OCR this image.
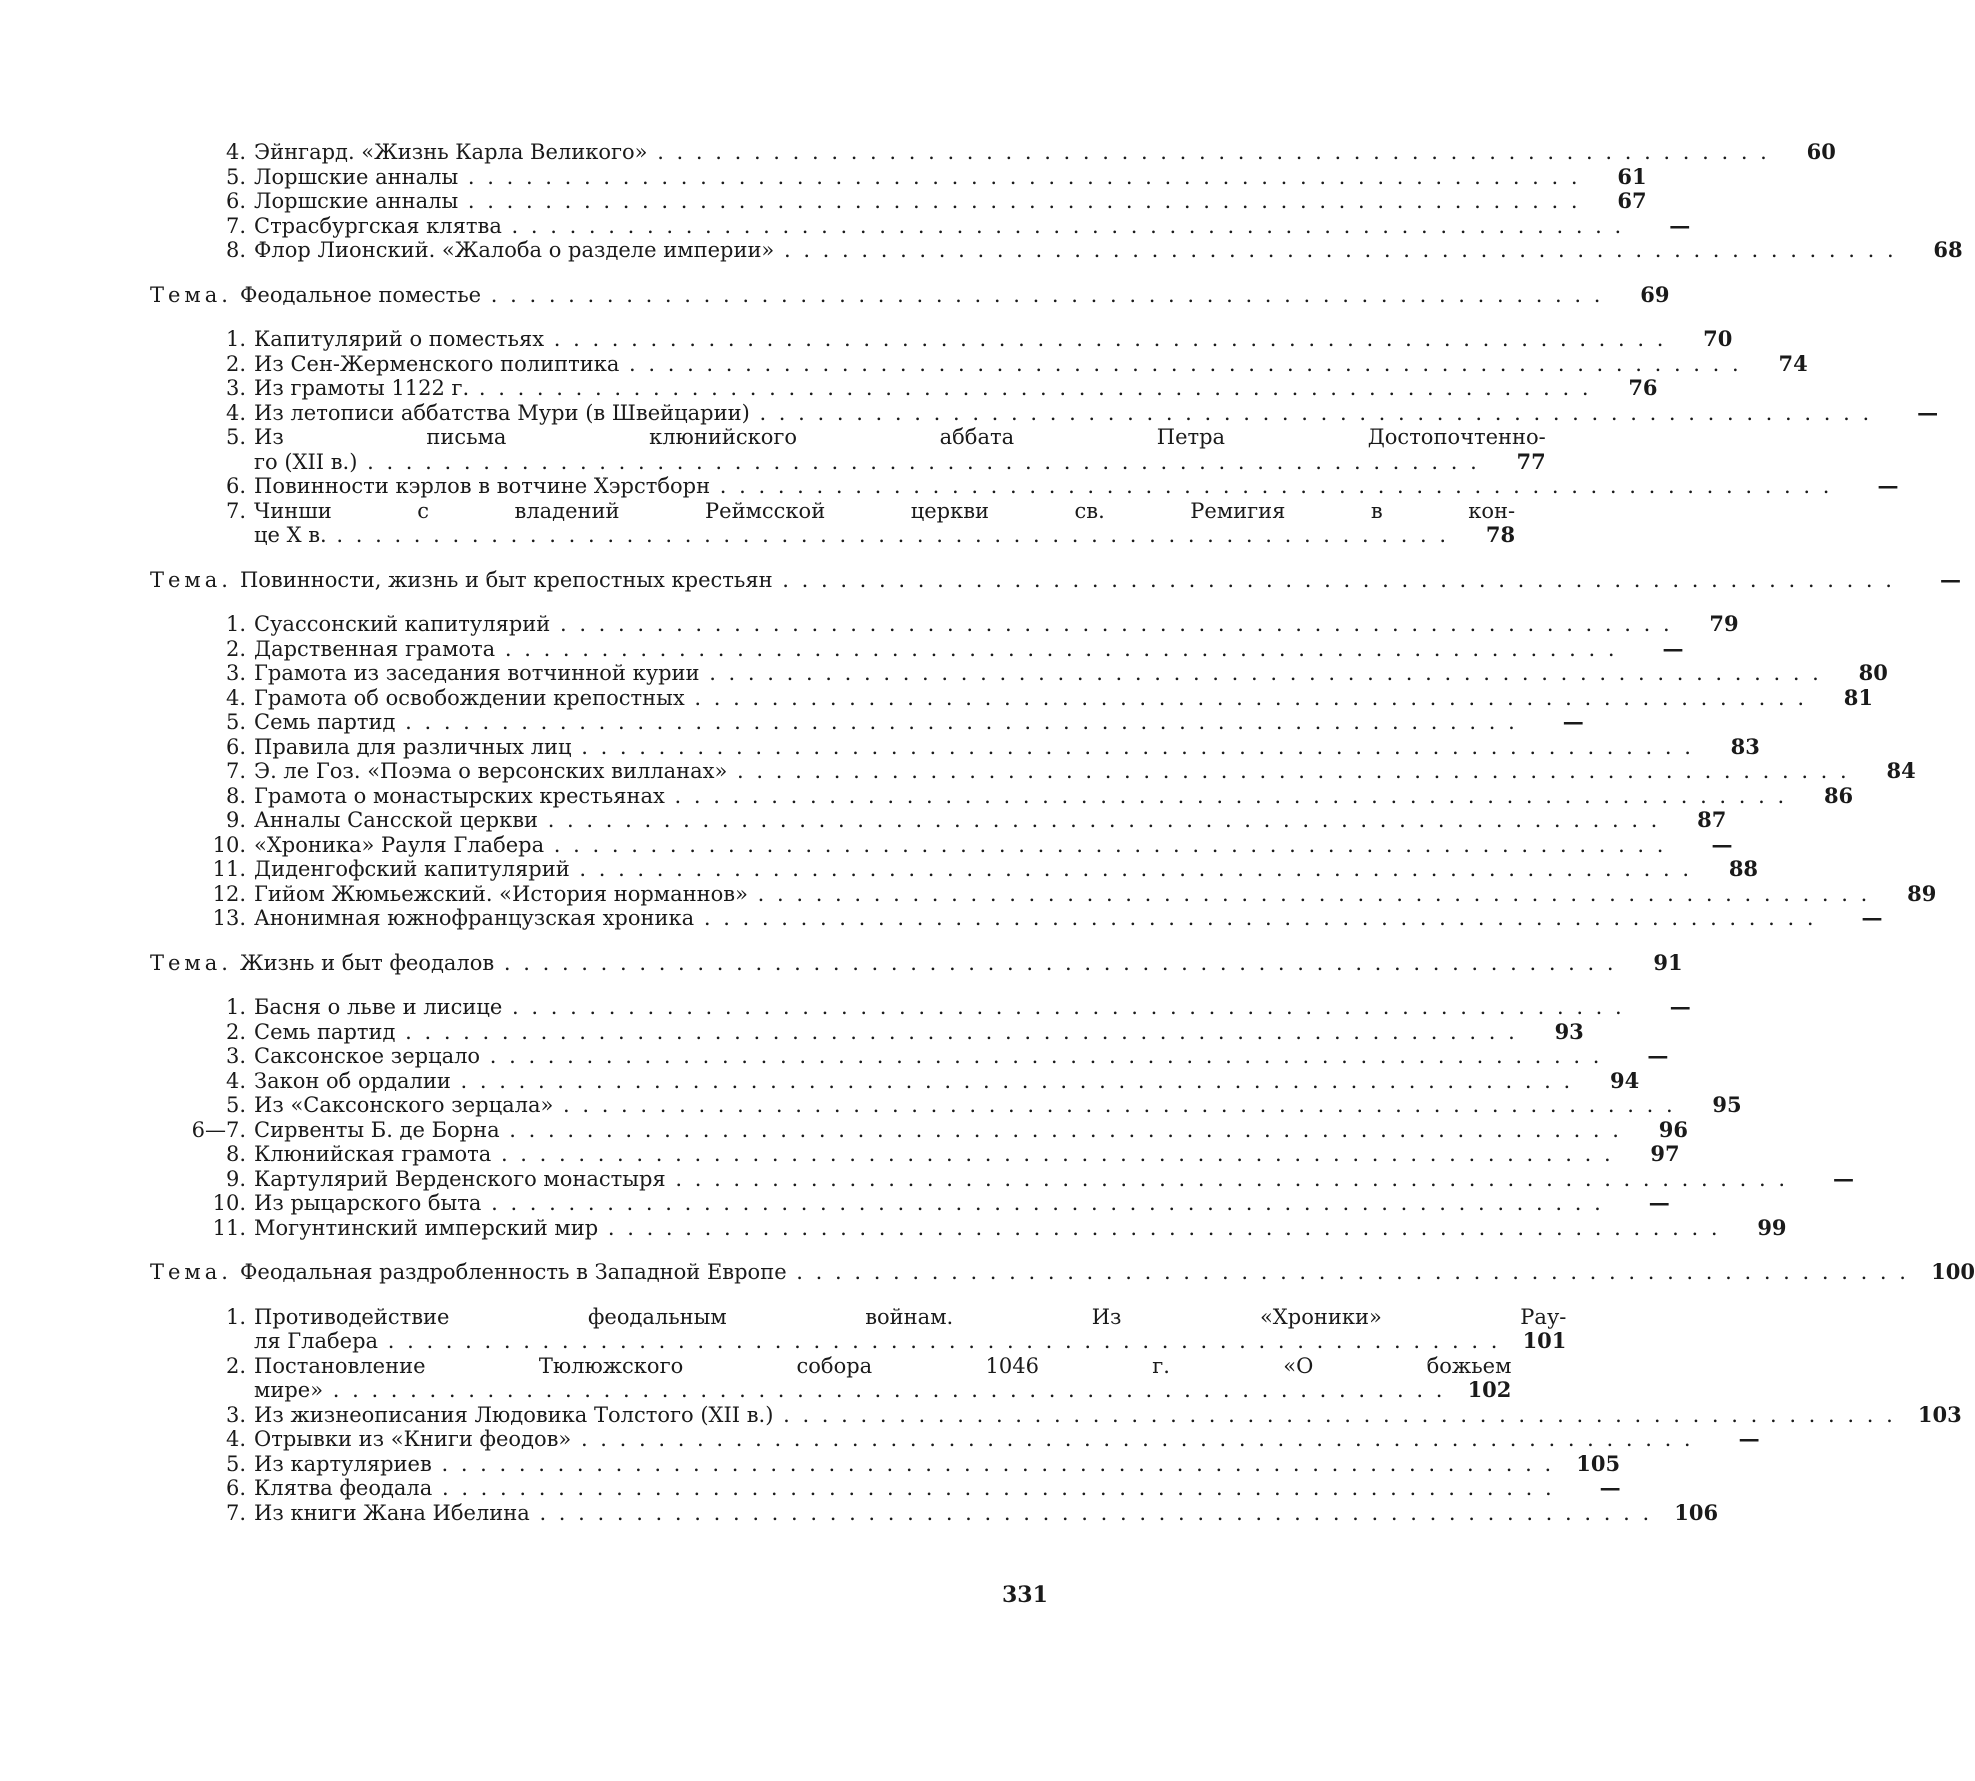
4. Эйнгард. «Жизнь Карла Великого» . . .	60
5. Лоршские анналы . . .	61
6. Лоршские анналы . . .	67
7. Страсбургская клятва . . .	—
8. Флор Лионский. «Жалоба о разделе империи» . . .	68
Тема. Феодальное поместье . . .	69
1. Капитулярий о поместьях . . .	70
2. Из Сен-Жерменского полиптика . . .	74
3. Из грамоты 1122 г. . . .	76
4. Из летописи аббатства Мури (в Швейцарии) . . .	—
5. Из письма клюнийского аббата Петра Достопочтенно-
го (XII в.) . . .	77
6. Повинности кэрлов в вотчине Хэрстборн . . .	—
7. Чинши с владений Реймсской церкви св. Ремигия в кон-
це X в. . . .	78
Тема. Повинности, жизнь и быт крепостных крестьян . . .	—
1. Суассонский капитулярий . . .	79
2. Дарственная грамота . . .	—
3. Грамота из заседания вотчинной курии . . .	80
4. Грамота об освобождении крепостных . . .	81
5. Семь партид . . .	—
6. Правила для различных лиц . . .	83
7. Э. ле Гоз. «Поэма о версонских вилланах» . . .	84
8. Грамота о монастырских крестьянах . . .	86
9. Анналы Сансской церкви . . .	87
10. «Хроника» Рауля Глабера . . .	—
11. Диденгофский капитулярий . . .	88
12. Гийом Жюмьежский. «История норманнов» . . .	89
13. Анонимная южнофранцузская хроника . . .	—
Тема. Жизнь и быт феодалов . . .	91
1. Басня о льве и лисице . . .	—
2. Семь партид . . .	93
3. Саксонское зерцало . . .	—
4. Закон об ордалии . . .	94
5. Из «Саксонского зерцала» . . .	95
6—7. Сирвенты Б. де Борна . . .	96
8. Клюнийская грамота . . .	97
9. Картулярий Верденского монастыря . . .	—
10. Из рыцарского быта . . .	—
11. Могунтинский имперский мир . . .	99
Тема. Феодальная раздробленность в Западной Европе . . .	100
1. Противодействие феодальным войнам. Из «Хроники» Рау-
ля Глабера . . .	101
2. Постановление Тюлюжского собора 1046 г. «О божьем
мире» . . .	102
3. Из жизнеописания Людовика Толстого (XII в.) . . .	103
4. Отрывки из «Книги феодов» . . .	—
5. Из картуляриев . . .	105
6. Клятва феодала . . .	—
7. Из книги Жана Ибелина . . .	106
331
